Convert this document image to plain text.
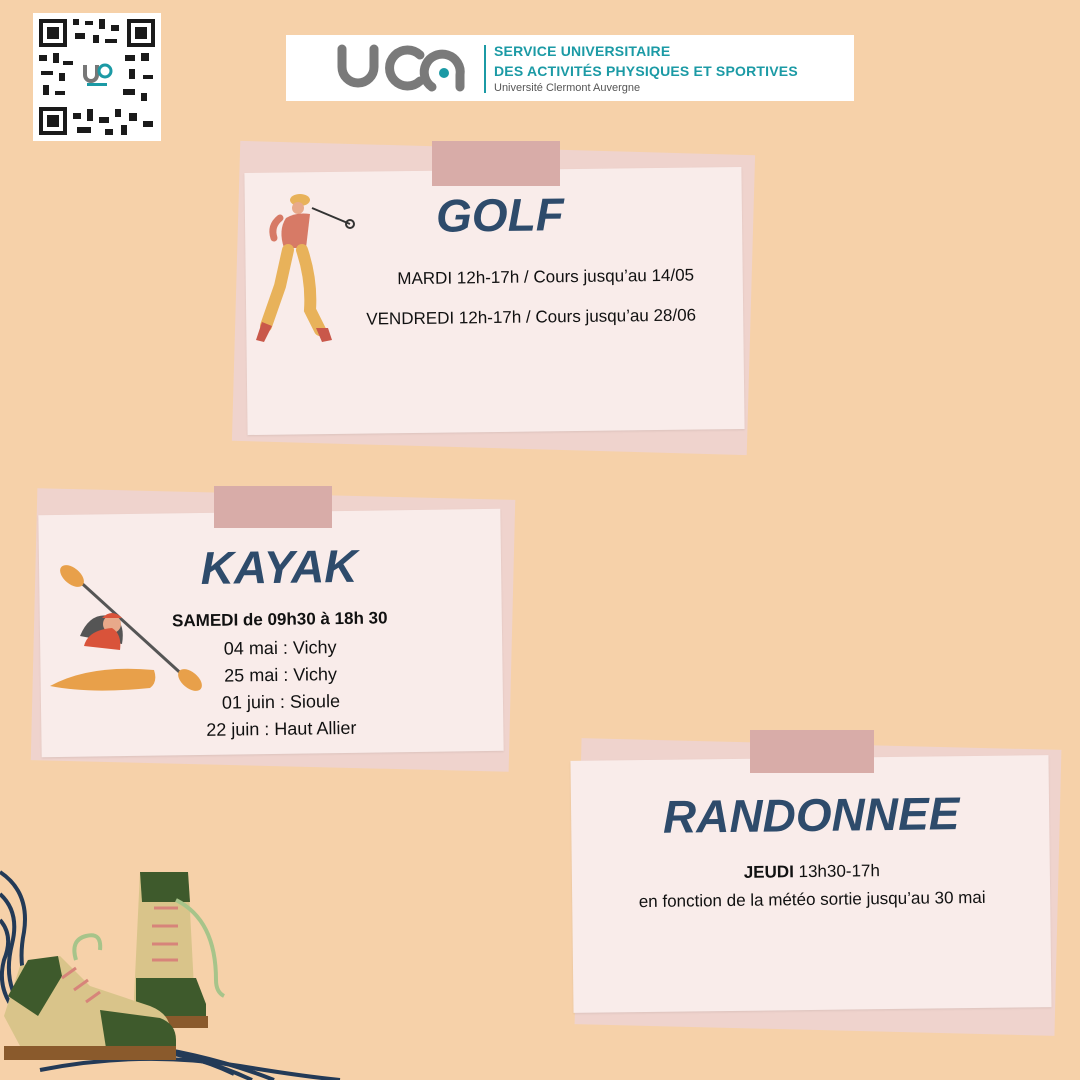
SERVICE UNIVERSITAIRE
DES ACTIVITÉS PHYSIQUES ET SPORTIVES
Université Clermont Auvergne
GOLF
MARDI 12h-17h / Cours jusqu’au 14/05
VENDREDI 12h-17h / Cours jusqu’au 28/06
KAYAK
SAMEDI de 09h30 à 18h 30
04 mai : Vichy
25 mai : Vichy
01 juin : Sioule
22 juin : Haut Allier
RANDONNEE
JEUDI 13h30-17h
en fonction de la météo sortie jusqu’au 30 mai
